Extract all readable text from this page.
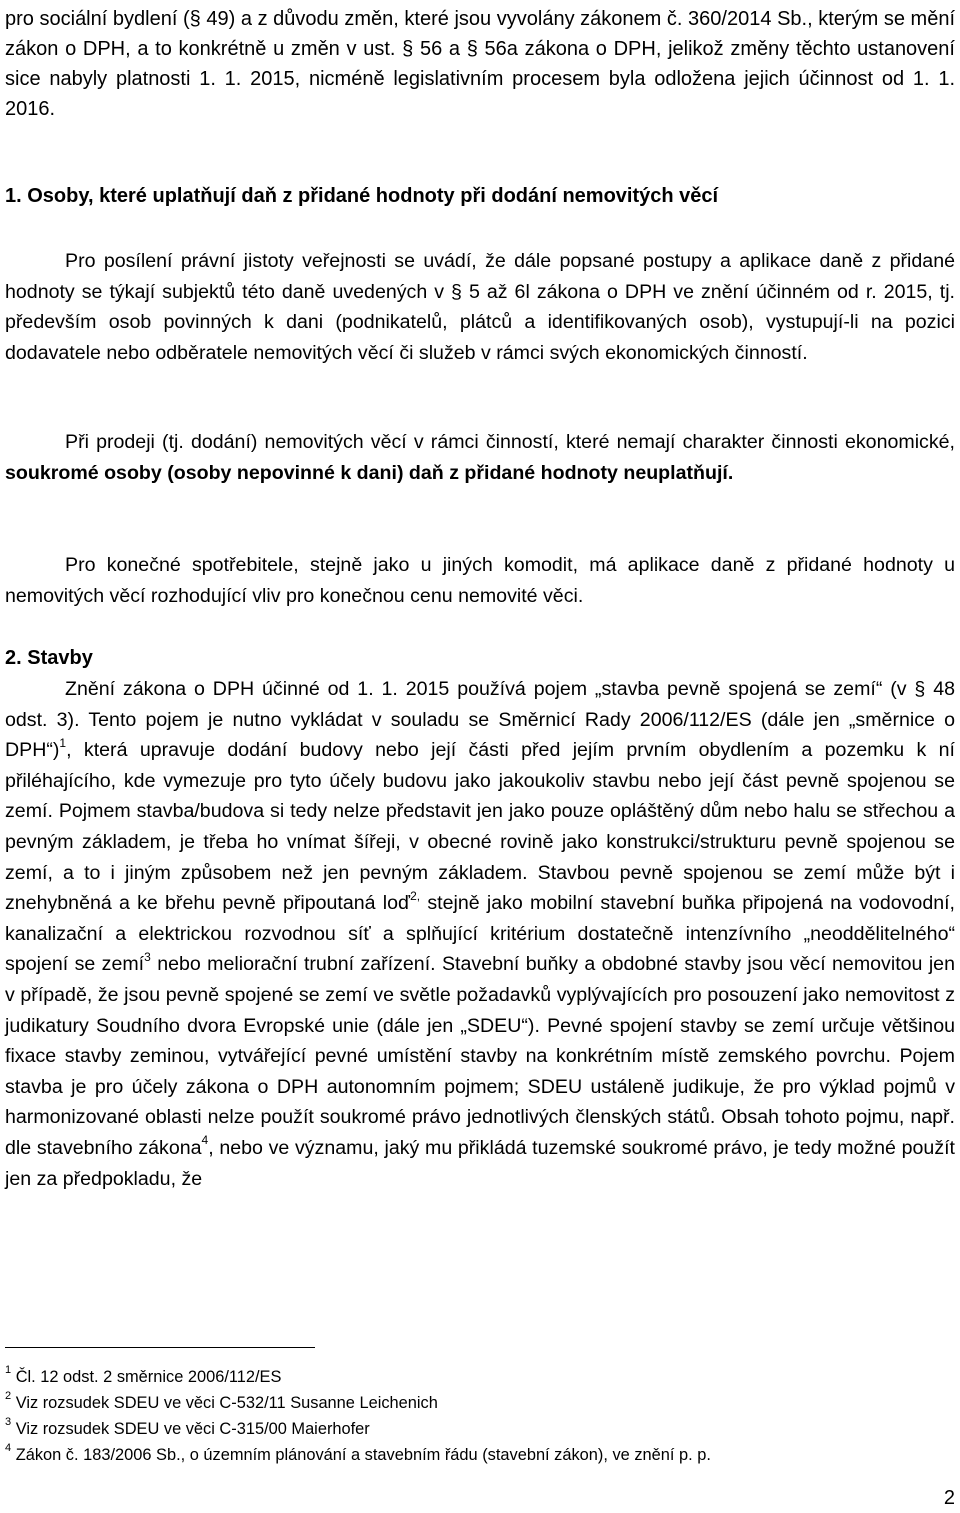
pro sociální bydlení (§ 49) a z důvodu změn, které jsou vyvolány zákonem č. 360/2014 Sb., kterým se mění zákon o DPH, a to konkrétně u změn v ust. § 56 a § 56a zákona o DPH, jelikož změny těchto ustanovení sice nabyly platnosti 1. 1. 2015, nicméně legislativním procesem byla odložena jejich účinnost od 1. 1. 2016.

1. Osoby, které uplatňují daň z přidané hodnoty při dodání nemovitých věcí

Pro posílení právní jistoty veřejnosti se uvádí, že dále popsané postupy a aplikace daně z přidané hodnoty se týkají subjektů této daně uvedených v § 5 až 6l zákona o DPH ve znění účinném od r. 2015, tj. především osob povinných k dani (podnikatelů, plátců a identifikovaných osob), vystupují-li na pozici dodavatele nebo odběratele nemovitých věcí či služeb v rámci svých ekonomických činností.

Při prodeji (tj. dodání) nemovitých věcí v rámci činností, které nemají charakter činnosti ekonomické, soukromé osoby (osoby nepovinné k dani) daň z přidané hodnoty neuplatňují.

Pro konečné spotřebitele, stejně jako u jiných komodit, má aplikace daně z přidané hodnoty u nemovitých věcí rozhodující vliv pro konečnou cenu nemovité věci.

2. Stavby

Znění zákona o DPH účinné od 1. 1. 2015 používá pojem „stavba pevně spojená se zemí“ (v § 48 odst. 3). Tento pojem je nutno vykládat v souladu se Směrnicí Rady 2006/112/ES (dále jen „směrnice o DPH“)$^1$, která upravuje dodání budovy nebo její části před jejím prvním obydlením a pozemku k ní přiléhajícího, kde vymezuje pro tyto účely budovu jako jakoukoliv stavbu nebo její část pevně spojenou se zemí. Pojmem stavba/budova si tedy nelze představit jen jako pouze opláštěný dům nebo halu se střechou a pevným základem, je třeba ho vnímat šířeji, v obecné rovině jako konstrukci/strukturu pevně spojenou se zemí, a to i jiným způsobem než jen pevným základem. Stavbou pevně spojenou se zemí může být i znehybněná a ke břehu pevně připoutaná loď$^{2,}$ stejně jako mobilní stavební buňka připojená na vodovodní, kanalizační a elektrickou rozvodnou síť a splňující kritérium dostatečně intenzívního „neoddělitelného“ spojení se zemí$^3$ nebo meliorační trubní zařízení. Stavební buňky a obdobné stavby jsou věcí nemovitou jen v případě, že jsou pevně spojené se zemí ve světle požadavků vyplývajících pro posouzení jako nemovitost z judikatury Soudního dvora Evropské unie (dále jen „SDEU“). Pevné spojení stavby se zemí určuje většinou fixace stavby zeminou, vytvářející pevné umístění stavby na konkrétním místě zemského povrchu. Pojem stavba je pro účely zákona o DPH autonomním pojmem; SDEU ustáleně judikuje, že pro výklad pojmů v harmonizované oblasti nelze použít soukromé právo jednotlivých členských států. Obsah tohoto pojmu, např. dle stavebního zákona$^4$, nebo ve významu, jaký mu přikládá tuzemské soukromé právo, je tedy možné použít jen za předpokladu, že

$^1$ Čl. 12 odst. 2 směrnice 2006/112/ES

$^2$ Viz rozsudek SDEU ve věci C-532/11 Susanne Leichenich

$^3$ Viz rozsudek SDEU ve věci C-315/00 Maierhofer

$^4$ Zákon č. 183/2006 Sb., o územním plánování a stavebním řádu (stavební zákon), ve znění p. p.

2
